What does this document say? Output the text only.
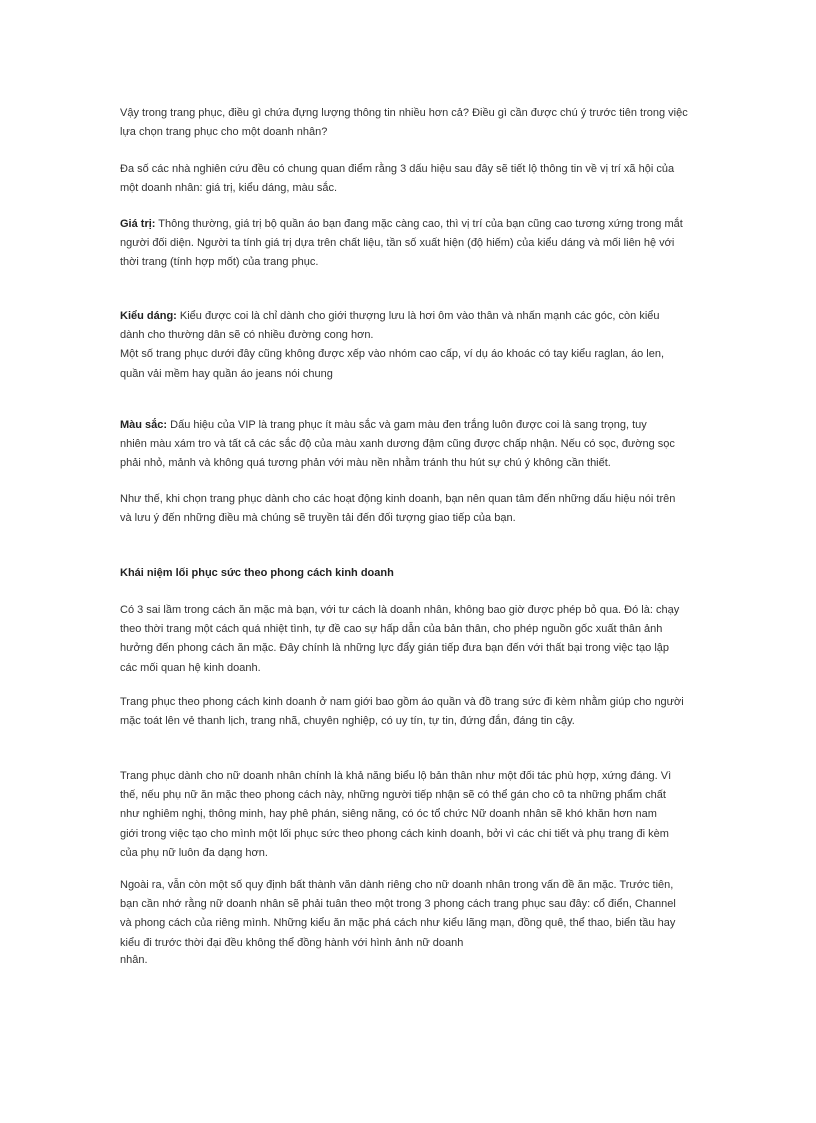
Vậy trong trang phục, điều gì chứa đựng lượng thông tin nhiều hơn cả? Điều gì cần được chú ý trước tiên trong việc
lựa chọn trang phục cho một doanh nhân?

Đa số các nhà nghiên cứu đều có chung quan điểm rằng 3 dấu hiệu sau đây sẽ tiết lộ thông tin về vị trí xã hội của
một doanh nhân: giá trị, kiểu dáng, màu sắc.

Giá trị: Thông thường, giá trị bộ quần áo bạn đang mặc càng cao, thì vị trí của bạn cũng cao tương xứng trong mắt
người đối diện. Người ta tính giá trị dựa trên chất liệu, tần số xuất hiện (độ hiếm) của kiểu dáng và mối liên hệ với
thời trang (tính hợp mốt) của trang phục.

Kiểu dáng: Kiểu được coi là chỉ dành cho giới thượng lưu là hơi ôm vào thân và nhấn mạnh các góc, còn kiểu
dành cho thường dân sẽ có nhiều đường cong hơn.
Một số trang phục dưới đây cũng không được xếp vào nhóm cao cấp, ví dụ áo khoác có tay kiểu raglan, áo len,
quần vải mềm hay quần áo jeans nói chung

Màu sắc: Dấu hiệu của VIP là trang phục ít màu sắc và gam màu đen trắng luôn được coi là sang trọng, tuy
nhiên màu xám tro và tất cả các sắc độ của màu xanh dương đậm cũng được chấp nhận. Nếu có sọc, đường sọc
phải nhỏ, mảnh và không quá tương phản với màu nền nhằm tránh thu hút sự chú ý không cần thiết.

Như thế, khi chọn trang phục dành cho các hoạt động kinh doanh, bạn nên quan tâm đến những dấu hiệu nói trên
và lưu ý đến những điều mà chúng sẽ truyền tải đến đối tượng giao tiếp của bạn.

Khái niệm lối phục sức theo phong cách kinh doanh

Có 3 sai lầm trong cách ăn mặc mà bạn, với tư cách là doanh nhân, không bao giờ được phép bỏ qua. Đó là: chạy
theo thời trang một cách quá nhiệt tình, tự đề cao sự hấp dẫn của bản thân, cho phép nguồn gốc xuất thân ảnh
hưởng đến phong cách ăn mặc. Đây chính là những lực đẩy gián tiếp đưa bạn đến với thất bại trong việc tạo lập
các mối quan hệ kinh doanh.

Trang phục theo phong cách kinh doanh ở nam giới bao gồm áo quần và đồ trang sức đi kèm nhằm giúp cho người
mặc toát lên vẻ thanh lịch, trang nhã, chuyên nghiệp, có uy tín, tự tin, đứng đắn, đáng tin cậy.

Trang phục dành cho nữ doanh nhân chính là khả năng biểu lộ bản thân như một đối tác phù hợp, xứng đáng. Vì
thế, nếu phụ nữ ăn mặc theo phong cách này, những người tiếp nhận sẽ có thể gán cho cô ta những phẩm chất
như nghiêm nghị, thông minh, hay phê phán, siêng năng, có óc tổ chức Nữ doanh nhân sẽ khó khăn hơn nam
giới trong việc tạo cho mình một lối phục sức theo phong cách kinh doanh, bởi vì các chi tiết và phụ trang đi kèm
của phụ nữ luôn đa dạng hơn.

Ngoài ra, vẫn còn một số quy định bất thành văn dành riêng cho nữ doanh nhân trong vấn đề ăn mặc. Trước tiên,
bạn cần nhớ rằng nữ doanh nhân sẽ phải tuân theo một trong 3 phong cách trang phục sau đây: cổ điển, Channel
và phong cách của riêng mình. Những kiểu ăn mặc phá cách như kiểu lãng mạn, đồng quê, thể thao, biển tầu hay
kiểu đi trước thời đại đều không thể đồng hành với hình ảnh nữ doanh

nhân.
